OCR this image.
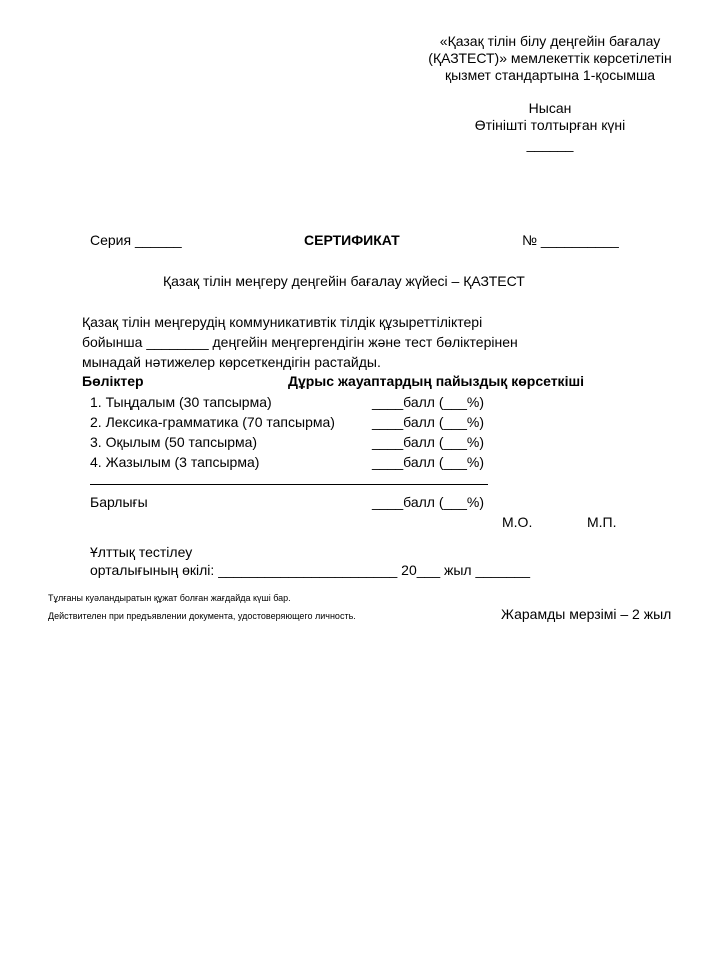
«Қазақ тілін білу деңгейін бағалау
(ҚАЗТЕСТ)» мемлекеттік көрсетілетін
қызмет стандартына 1-қосымша
Нысан
Өтінішті толтырған күні
______
Серия ______	СЕРТИФИКАТ	№ __________
Қазақ тілін меңгеру деңгейін бағалау жүйесі – ҚАЗТЕСТ
Қазақ тілін меңгерудің коммуникативтік тілдік құзыреттіліктері
бойынша ________ деңгейін меңгергендігін және тест бөліктерінен
мынадай нәтижелер көрсеткендігін растайды.
Бөліктер	Дұрыс жауаптардың пайыздық көрсеткіші
1. Тыңдалым (30 тапсырма)	____балл (___%)
2. Лексика-грамматика (70 тапсырма)	____балл (___%)
3. Оқылым (50 тапсырма)	____балл (___%)
4. Жазылым (3 тапсырма)	____балл (___%)
Барлығы	____балл (___%)
М.О.	М.П.
Ұлттық тестілеу
орталығының өкілі: _______________________ 20___ жыл _______
Тұлғаны куәландыратын құжат болған жағдайда күші бар.
Действителен при предъявлении документа, удостоверяющего личность.	Жарамды мерзімі – 2 жыл
